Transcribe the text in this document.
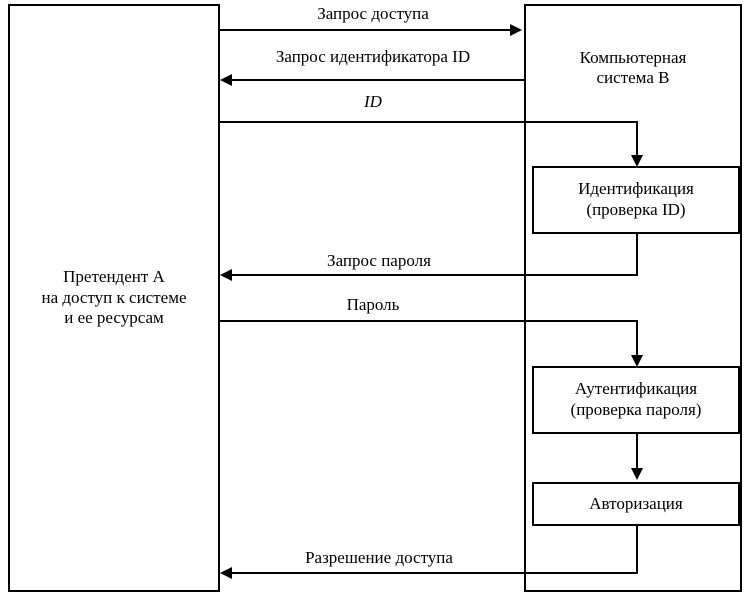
Претендент A
на доступ к системе
и ее ресурсам
Компьютерная
система B
Запрос доступа
Запрос идентификатора ID
ID
Идентификация
(проверка ID)
Запрос пароля
Пароль
Аутентификация
(проверка пароля)
Авторизация
Разрешение доступа
